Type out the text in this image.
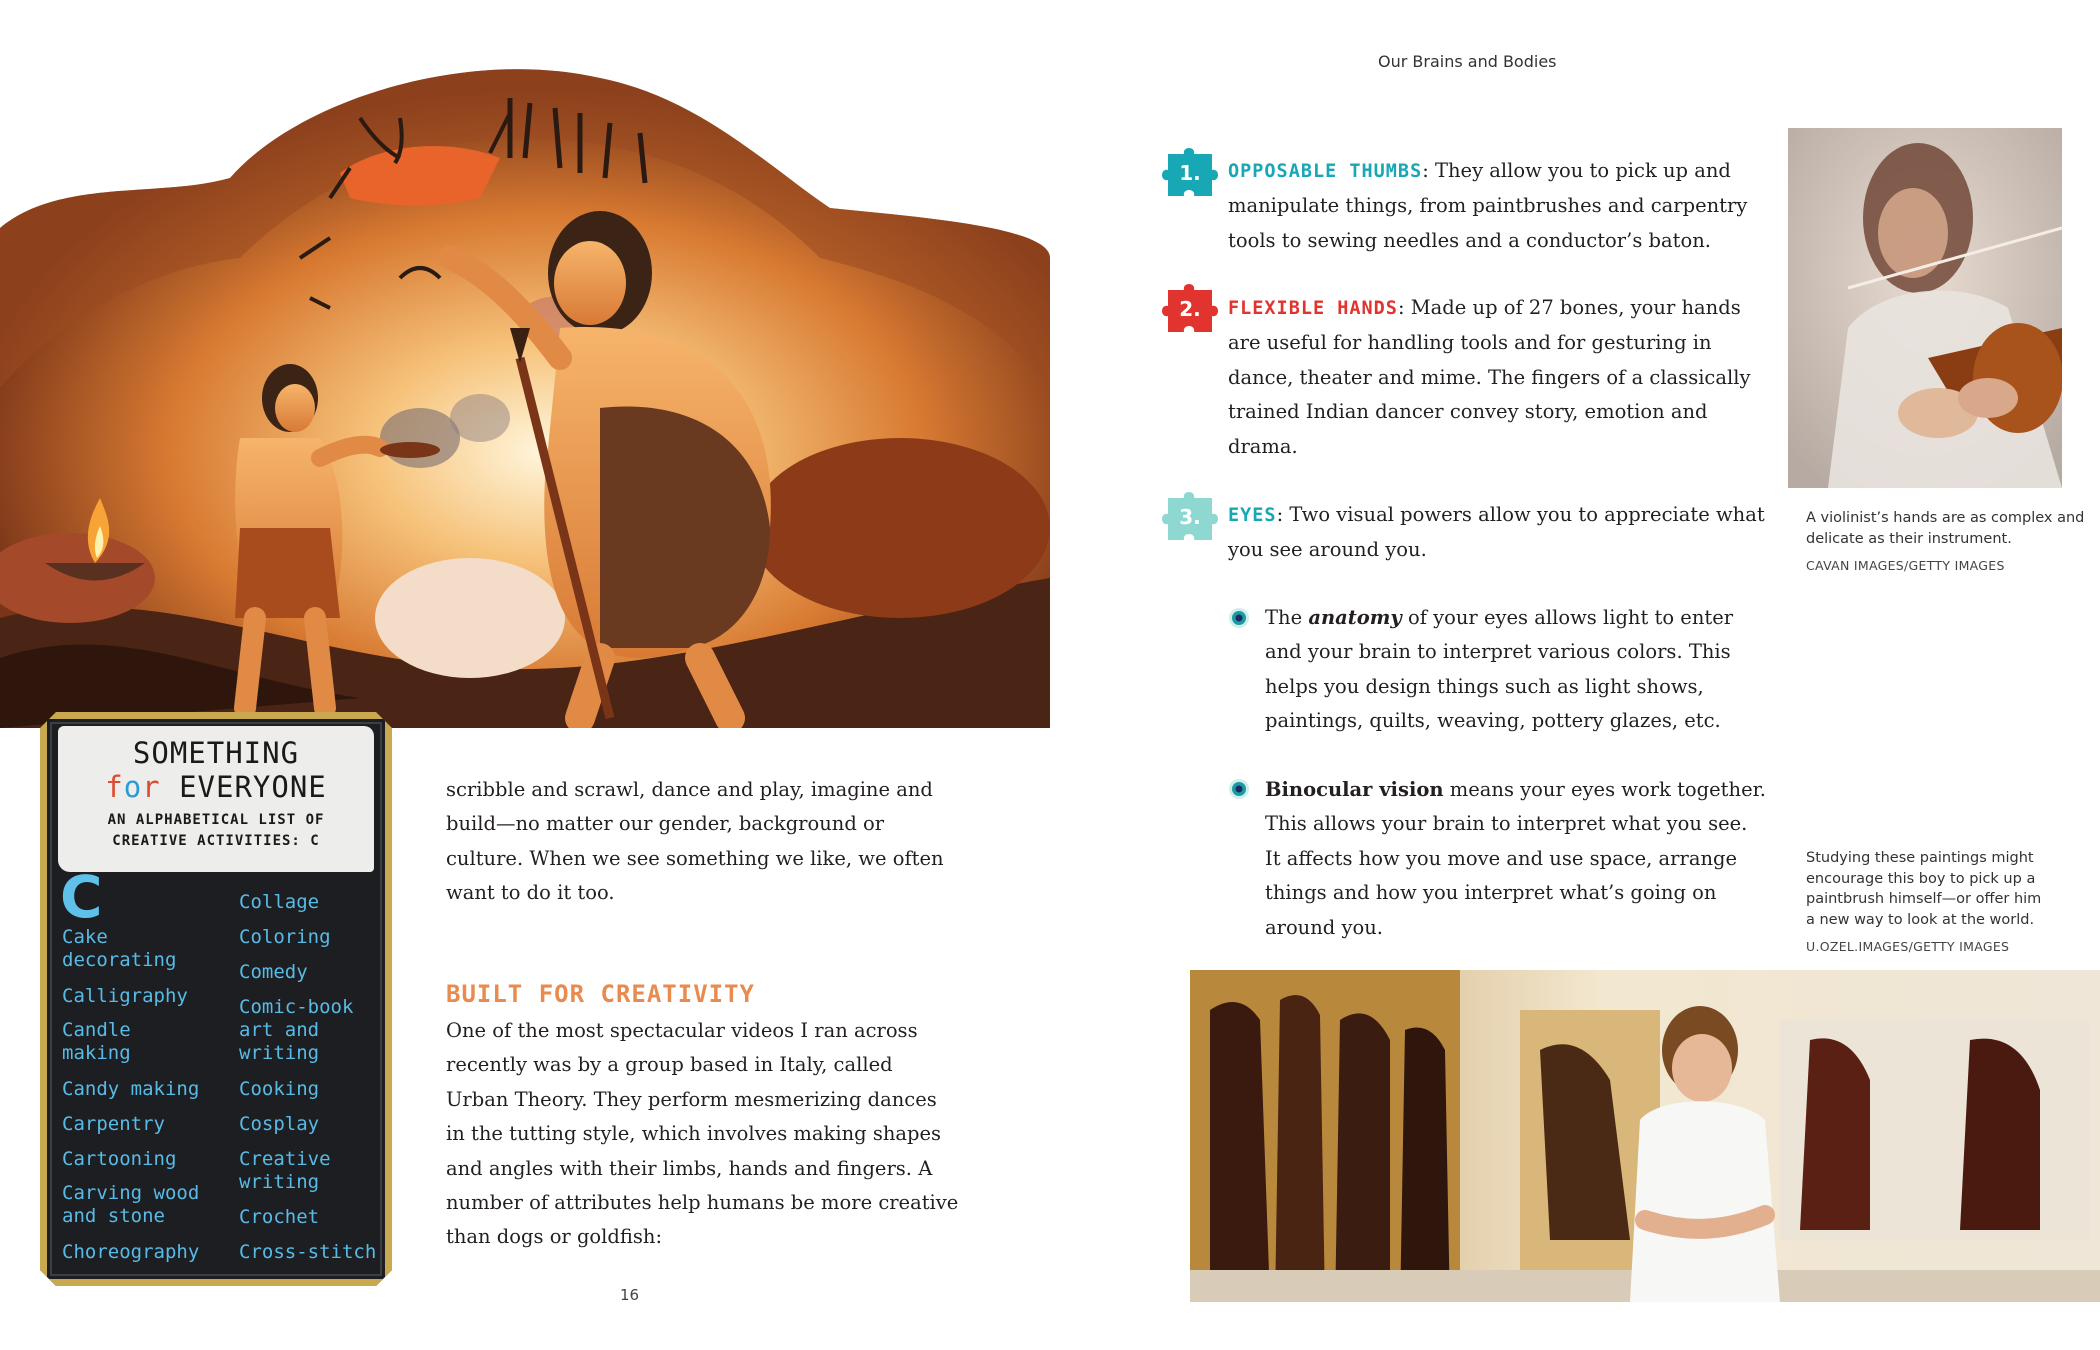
SOMETHING
for EVERYONE
AN ALPHABETICAL LIST OF
CREATIVE ACTIVITIES: C
C
Cake
decorating
Calligraphy
Candle
making
Candy making
Carpentry
Cartooning
Carving wood
and stone
Choreography
Collage
Coloring
Comedy
Comic-book
art and
writing
Cooking
Cosplay
Creative
writing
Crochet
Cross-stitch
scribble and scrawl, dance and play, imagine and
build—no matter our gender, background or
culture. When we see something we like, we often
want to do it too.
BUILT FOR CREATIVITY
One of the most spectacular videos I ran across
recently was by a group based in Italy, called
Urban Theory. They perform mesmerizing dances
in the tutting style, which involves making shapes
and angles with their limbs, hands and fingers. A
number of attributes help humans be more creative
than dogs or goldfish:
16
Our Brains and Bodies
1. OPPOSABLE THUMBS: They allow you to pick up and
manipulate things, from paintbrushes and carpentry
tools to sewing needles and a conductor’s baton.
2. FLEXIBLE HANDS: Made up of 27 bones, your hands
are useful for handling tools and for gesturing in
dance, theater and mime. The fingers of a classically
trained Indian dancer convey story, emotion and
drama.
3. EYES: Two visual powers allow you to appreciate what
you see around you.
The anatomy of your eyes allows light to enter
and your brain to interpret various colors. This
helps you design things such as light shows,
paintings, quilts, weaving, pottery glazes, etc.
Binocular vision means your eyes work together.
This allows your brain to interpret what you see.
It affects how you move and use space, arrange
things and how you interpret what’s going on
around you.
A violinist’s hands are as complex and
delicate as their instrument.
CAVAN IMAGES/GETTY IMAGES
Studying these paintings might
encourage this boy to pick up a
paintbrush himself—or offer him
a new way to look at the world.
U.OZEL.IMAGES/GETTY IMAGES
